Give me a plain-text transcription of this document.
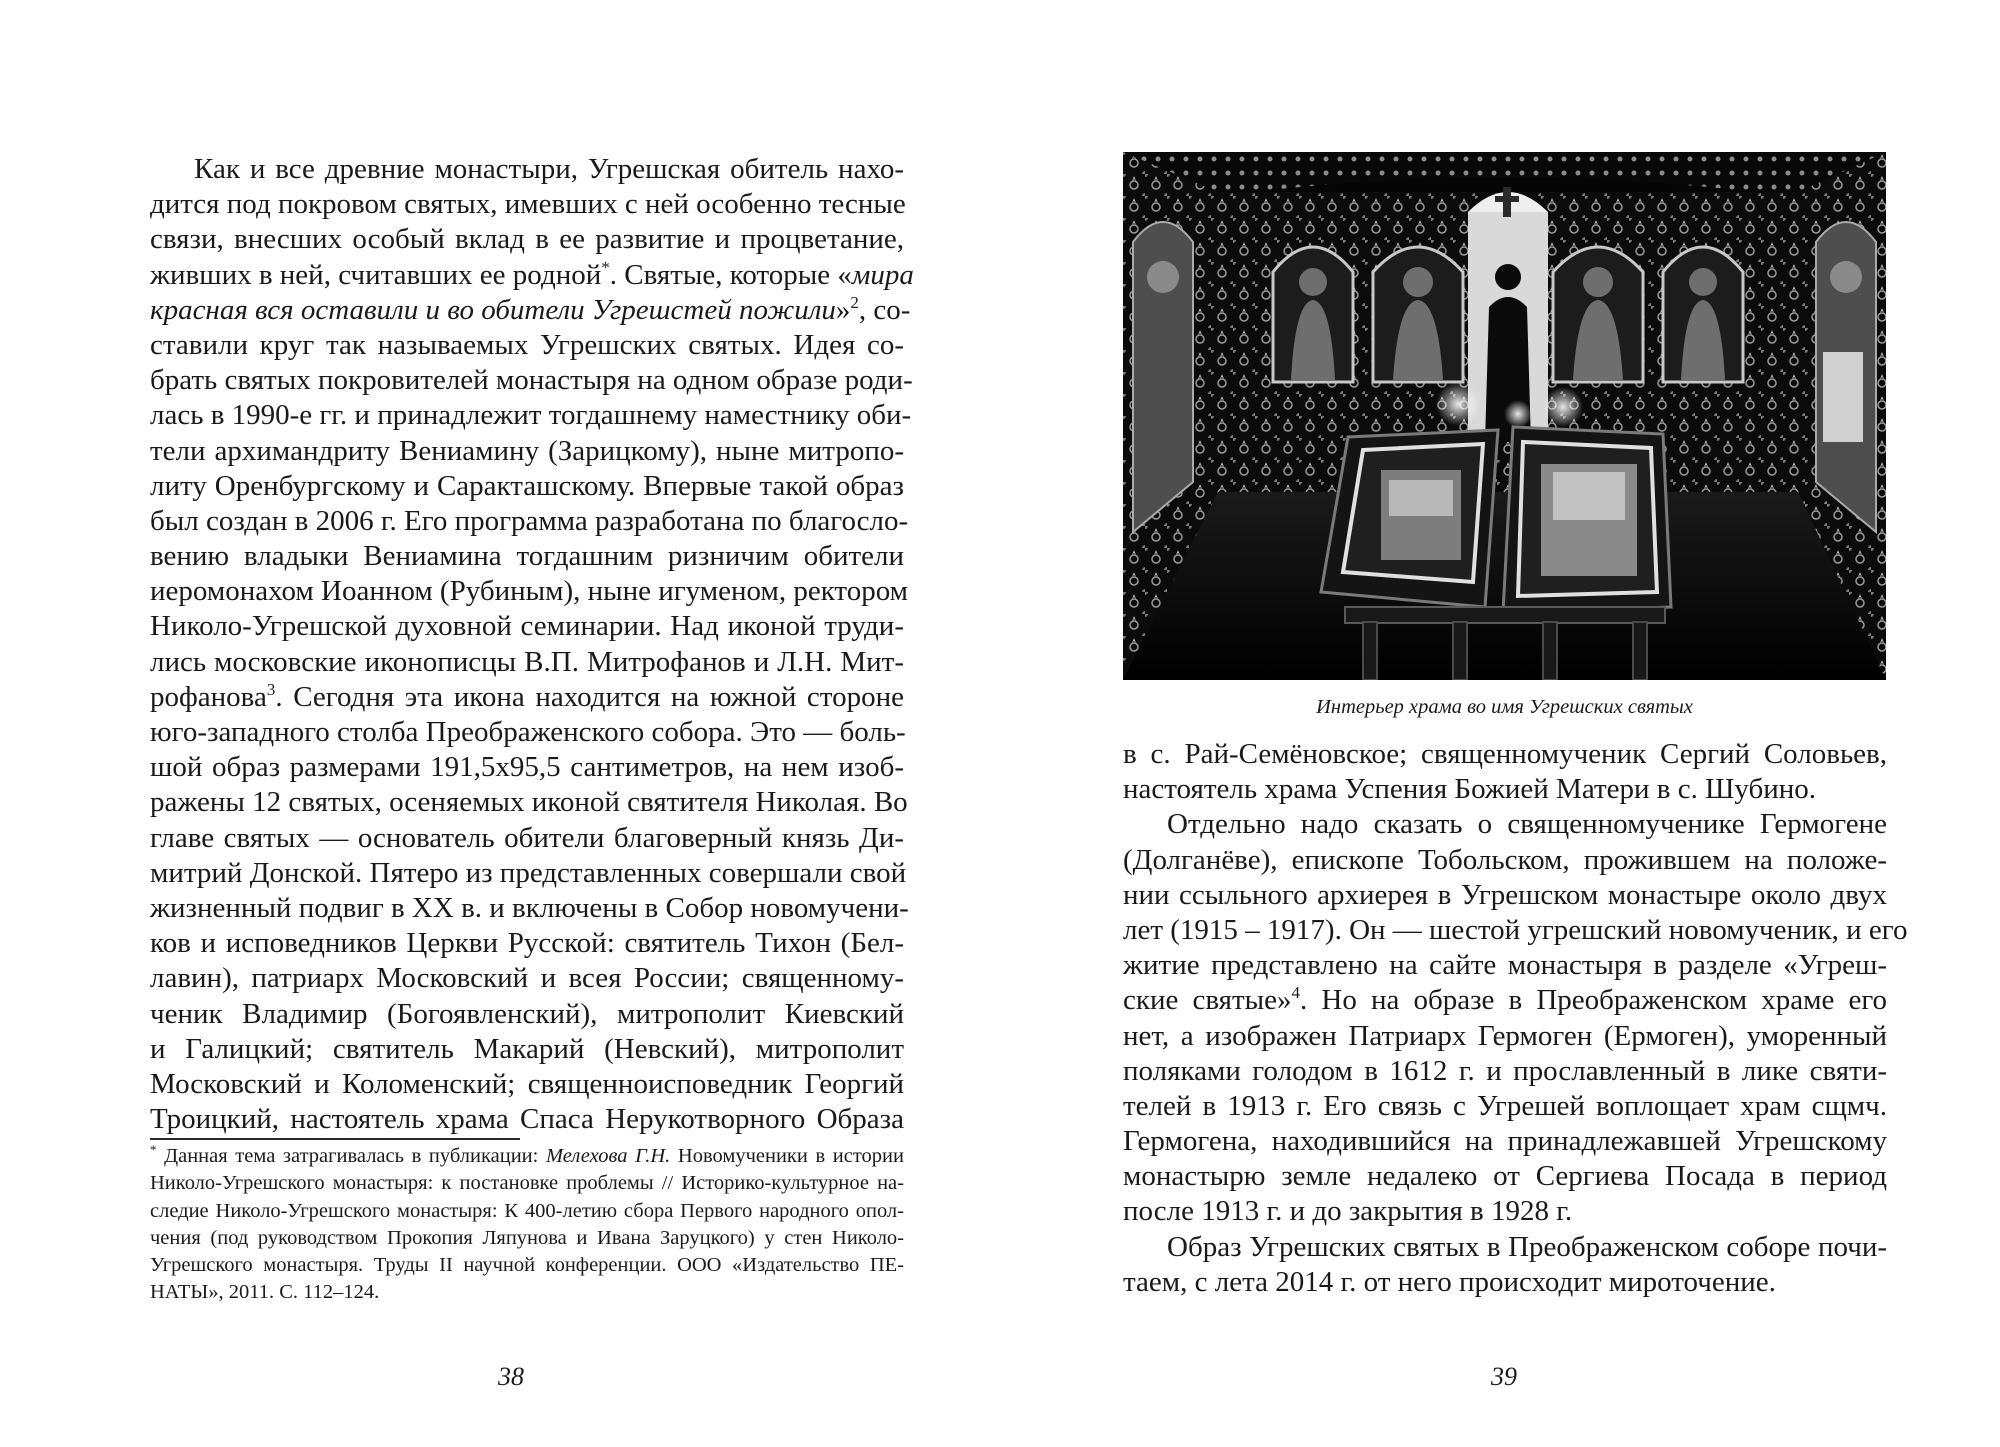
Как и все древние монастыри, Угрешская обитель нахо-
дится под покровом святых, имевших с ней особенно тесные
связи, внесших особый вклад в ее развитие и процветание,
живших в ней, считавших ее родной*. Святые, которые «мира
красная вся оставили и во обители Угрешстей пожили»$^2$, со-
ставили круг так называемых Угрешских святых. Идея со-
брать святых покровителей монастыря на одном образе роди-
лась в 1990-е гг. и принадлежит тогдашнему наместнику оби-
тели архимандриту Вениамину (Зарицкому), ныне митропо-
литу Оренбургскому и Саракташскому. Впервые такой образ
был создан в 2006 г. Его программа разработана по благосло-
вению владыки Вениамина тогдашним ризничим обители
иеромонахом Иоанном (Рубиным), ныне игуменом, ректором
Николо-Угрешской духовной семинарии. Над иконой труди-
лись московские иконописцы В.П. Митрофанов и Л.Н. Мит-
рофанова$^3$. Сегодня эта икона находится на южной стороне
юго-западного столба Преображенского собора. Это — боль-
шой образ размерами 191,5х95,5 сантиметров, на нем изоб-
ражены 12 святых, осеняемых иконой святителя Николая. Во
главе святых — основатель обители благоверный князь Ди-
митрий Донской. Пятеро из представленных совершали свой
жизненный подвиг в XX в. и включены в Собор новомучени-
ков и исповедников Церкви Русской: святитель Тихон (Бел-
лавин), патриарх Московский и всея России; священному-
ченик Владимир (Богоявленский), митрополит Киевский
и Галицкий; святитель Макарий (Невский), митрополит
Московский и Коломенский; священноисповедник Георгий
Троицкий, настоятель храма Спаса Нерукотворного Образа
* Данная тема затрагивалась в публикации: Мелехова Г.Н. Новомученики в истории
Николо-Угрешского монастыря: к постановке проблемы // Историко-культурное на-
следие Николо-Угрешского монастыря: К 400-летию сбора Первого народного опол-
чения (под руководством Прокопия Ляпунова и Ивана Заруцкого) у стен Николо-
Угрешского монастыря. Труды II научной конференции. ООО «Издательство ПЕ-
НАТЫ», 2011. С. 112–124.
38
Интерьер храма во имя Угрешских святых
в с. Рай-Семёновское; священномученик Сергий Соловьев,
настоятель храма Успения Божией Матери в с. Шубино.
Отдельно надо сказать о священномученике Гермогене
(Долганёве), епископе Тобольском, прожившем на положе-
нии ссыльного архиерея в Угрешском монастыре около двух
лет (1915 – 1917). Он — шестой угрешский новомученик, и его
житие представлено на сайте монастыря в разделе «Угреш-
ские святые»$^4$. Но на образе в Преображенском храме его
нет, а изображен Патриарх Гермоген (Ермоген), уморенный
поляками голодом в 1612 г. и прославленный в лике святи-
телей в 1913 г. Его связь с Угрешей воплощает храм сщмч.
Гермогена, находившийся на принадлежавшей Угрешскому
монастырю земле недалеко от Сергиева Посада в период
после 1913 г. и до закрытия в 1928 г.
Образ Угрешских святых в Преображенском соборе почи-
таем, с лета 2014 г. от него происходит мироточение.
39
